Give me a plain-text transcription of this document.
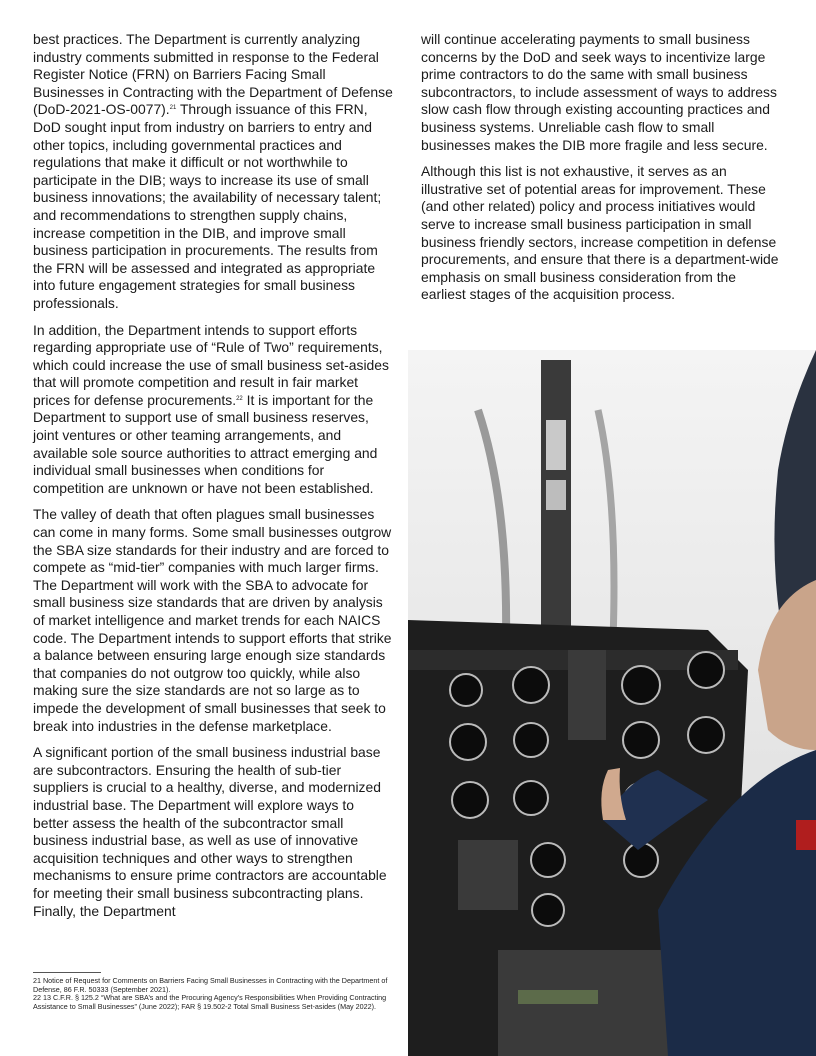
best practices. The Department is currently analyzing industry comments submitted in response to the Federal Register Notice (FRN) on Barriers Facing Small Businesses in Contracting with the Department of Defense (DoD-2021-OS-0077).$^{21}$ Through issuance of this FRN, DoD sought input from industry on barriers to entry and other topics, including governmental practices and regulations that make it difficult or not worthwhile to participate in the DIB; ways to increase its use of small business innovations; the availability of necessary talent; and recommendations to strengthen supply chains, increase competition in the DIB, and improve small business participation in procurements. The results from the FRN will be assessed and integrated as appropriate into future engagement strategies for small business professionals.

In addition, the Department intends to support efforts regarding appropriate use of “Rule of Two” requirements, which could increase the use of small business set-asides that will promote competition and result in fair market prices for defense procurements.$^{22}$ It is important for the Department to support use of small business reserves, joint ventures or other teaming arrangements, and available sole source authorities to attract emerging and individual small businesses when conditions for competition are unknown or have not been established.

The valley of death that often plagues small businesses can come in many forms. Some small businesses outgrow the SBA size standards for their industry and are forced to compete as “mid-tier” companies with much larger firms. The Department will work with the SBA to advocate for small business size standards that are driven by analysis of market intelligence and market trends for each NAICS code. The Department intends to support efforts that strike a balance between ensuring large enough size standards that companies do not outgrow too quickly, while also making sure the size standards are not so large as to impede the development of small businesses that seek to break into industries in the defense marketplace.

A significant portion of the small business industrial base are subcontractors. Ensuring the health of sub-tier suppliers is crucial to a healthy, diverse, and modernized industrial base. The Department will explore ways to better assess the health of the subcontractor small business industrial base, as well as use of innovative acquisition techniques and other ways to strengthen mechanisms to ensure prime contractors are accountable for meeting their small business subcontracting plans. Finally, the Department

will continue accelerating payments to small business concerns by the DoD and seek ways to incentivize large prime contractors to do the same with small business subcontractors, to include assessment of ways to address slow cash flow through existing accounting practices and business systems. Unreliable cash flow to small businesses makes the DIB more fragile and less secure.

Although this list is not exhaustive, it serves as an illustrative set of potential areas for improvement. These (and other related) policy and process initiatives would serve to increase small business participation in small business friendly sectors, increase competition in defense procurements, and ensure that there is a department-wide emphasis on small business consideration from the earliest stages of the acquisition process.

21 Notice of Request for Comments on Barriers Facing Small Businesses in Contracting with the Department of Defense, 86 F.R. 50333 (September 2021).
22 13 C.F.R. § 125.2 “What are SBA’s and the Procuring Agency’s Responsibilities When Providing Contracting Assistance to Small Businesses” (June 2022); FAR § 19.502-2 Total Small Business Set-asides (May 2022).
